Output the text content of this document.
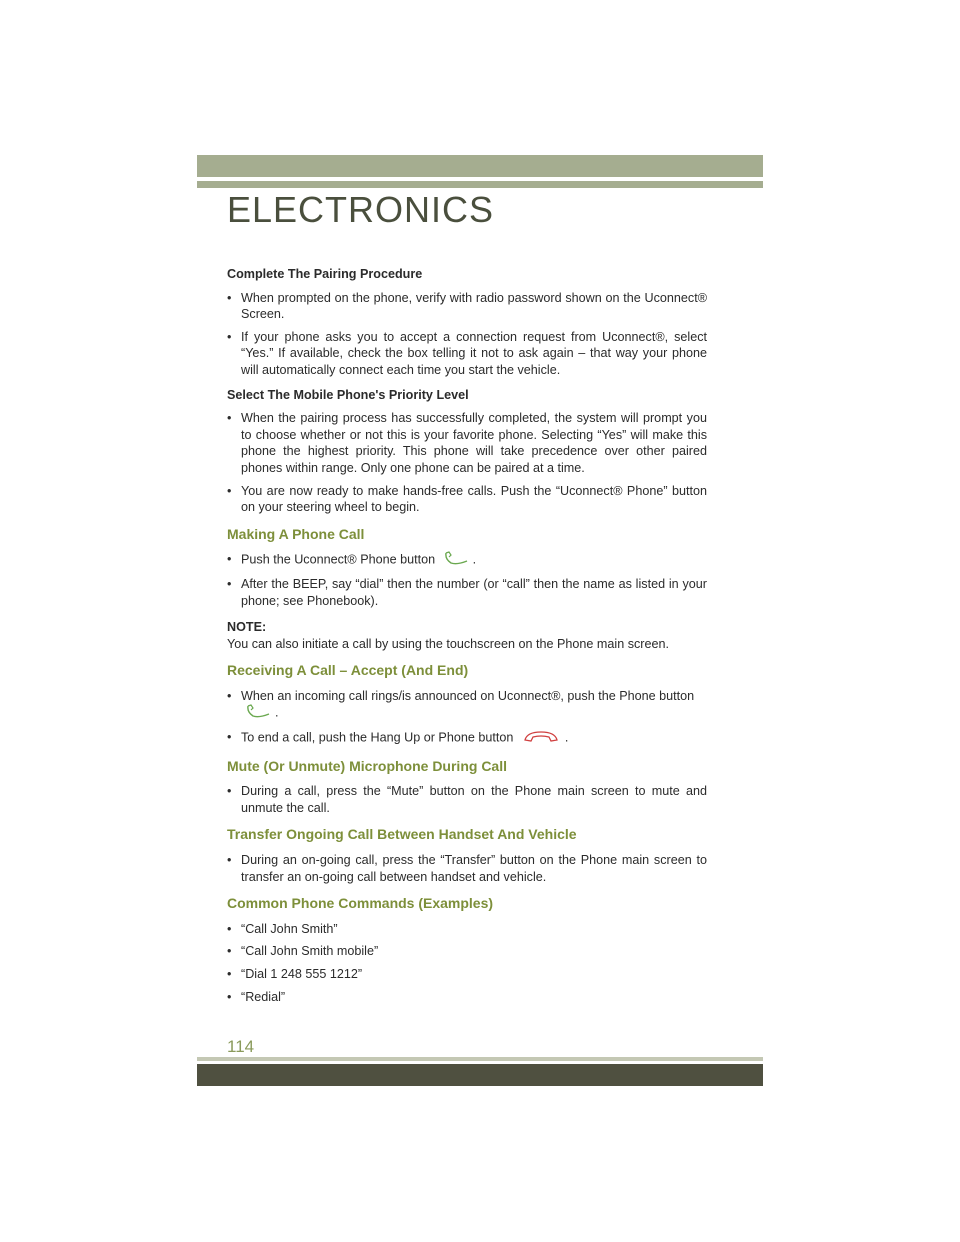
ELECTRONICS
Complete The Pairing Procedure
• When prompted on the phone, verify with radio password shown on the Uconnect® Screen.
• If your phone asks you to accept a connection request from Uconnect®, select “Yes.” If available, check the box telling it not to ask again – that way your phone will automatically connect each time you start the vehicle.
Select The Mobile Phone's Priority Level
• When the pairing process has successfully completed, the system will prompt you to choose whether or not this is your favorite phone. Selecting “Yes” will make this phone the highest priority. This phone will take precedence over other paired phones within range. Only one phone can be paired at a time.
• You are now ready to make hands-free calls. Push the “Uconnect® Phone” button on your steering wheel to begin.
Making A Phone Call
• Push the Uconnect® Phone button	.
• After the BEEP, say “dial” then the number (or “call” then the name as listed in your phone; see Phonebook).
NOTE:
You can also initiate a call by using the touchscreen on the Phone main screen.
Receiving A Call – Accept (And End)
• When an incoming call rings/is announced on Uconnect®, push the Phone button
.
• To end a call, push the Hang Up or Phone button	.
Mute (Or Unmute) Microphone During Call
• During a call, press the “Mute” button on the Phone main screen to mute and unmute the call.
Transfer Ongoing Call Between Handset And Vehicle
• During an on-going call, press the “Transfer” button on the Phone main screen to transfer an on-going call between handset and vehicle.
Common Phone Commands (Examples)
• “Call John Smith”
• “Call John Smith mobile”
• “Dial 1 248 555 1212”
• “Redial”
114
